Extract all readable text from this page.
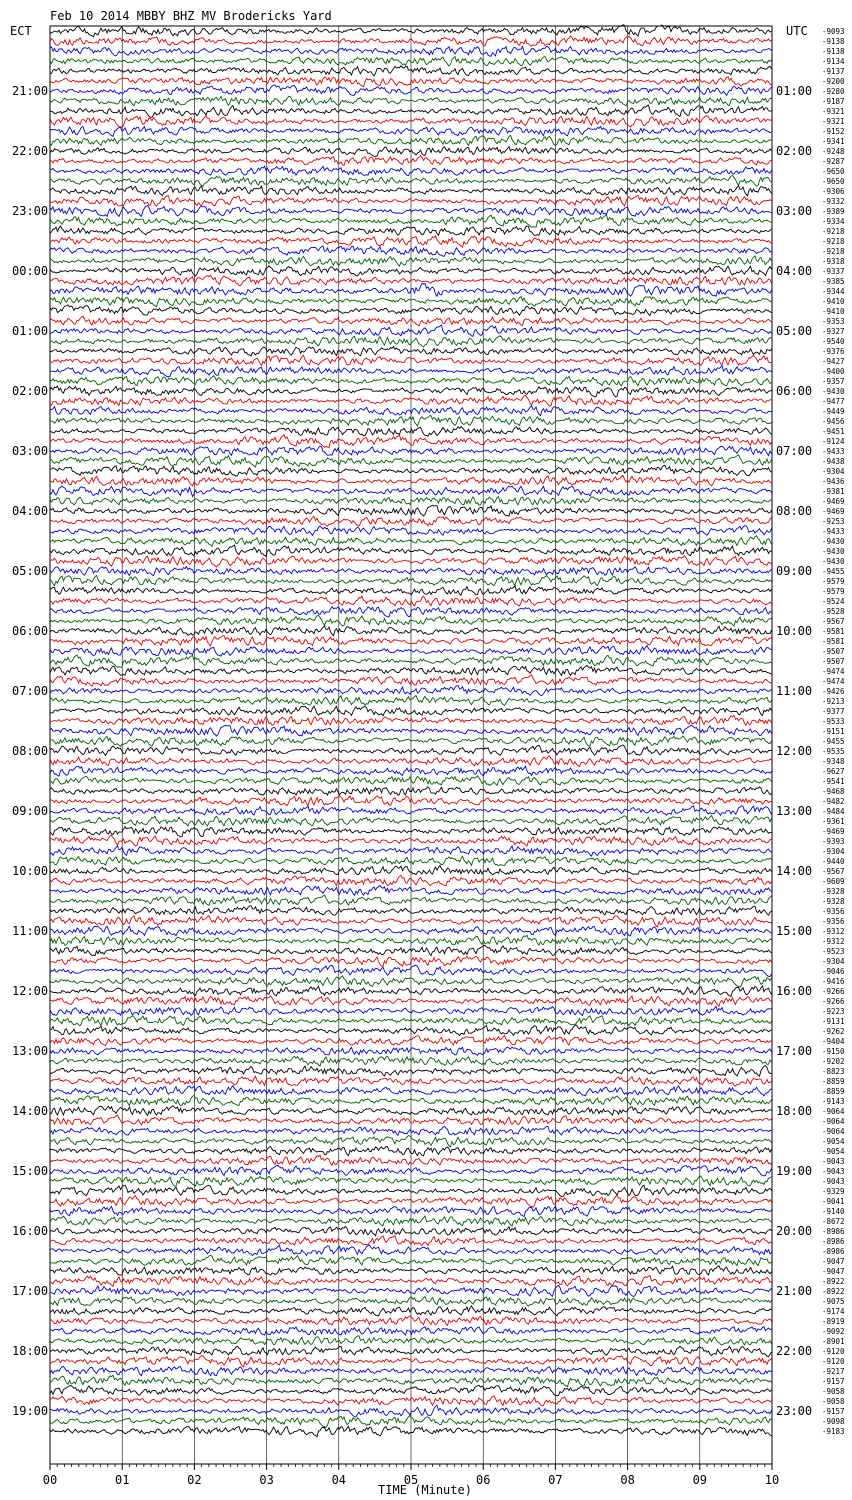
Feb 10 2014 MBBY BHZ MV Brodericks Yard
ECT	UTC
21:00
22:00
23:00
00:00
01:00
02:00
03:00
04:00
05:00
06:00
07:00
08:00
09:00
10:00
11:00
12:00
13:00
14:00
15:00
16:00
17:00
18:00
19:00
01:00
02:00
03:00
04:00
05:00
06:00
07:00
08:00
09:00
10:00
11:00
12:00
13:00
14:00
15:00
16:00
17:00
18:00
19:00
20:00
21:00
22:00
23:00
-9093
-9138
-9138
-9134
-9137
-9200
-9280
-9187
-9321
-9321
-9152
-9341
-9248
-9287
-9650
-9650
-9306
-9332
-9389
-9334
-9218
-9218
-9218
-9318
-9337
-9385
-9344
-9410
-9410
-9353
-9327
-9540
-9376
-9427
-9400
-9357
-9430
-9477
-9449
-9456
-9451
-9124
-9433
-9438
-9304
-9436
-9381
-9469
-9469
-9253
-9433
-9430
-9430
-9430
-9455
-9579
-9579
-9524
-9528
-9567
-9581
-9581
-9507
-9507
-9474
-9474
-9426
-9213
-9377
-9533
-9151
-9455
-9535
-9348
-9627
-9541
-9468
-9482
-9484
-9361
-9469
-9393
-9304
-9440
-9567
-9609
-9328
-9328
-9356
-9356
-9312
-9312
-9523
-9304
-9046
-9416
-9266
-9266
-9223
-9131
-9262
-9404
-9150
-9202
-8823
-8859
-8859
-9143
-9064
-9064
-9064
-9054
-9054
-9043
-9043
-9043
-9329
-9041
-9140
-8672
-8986
-8986
-8986
-9047
-9047
-8922
-8922
-9075
-9174
-8919
-9092
-8901
-9120
-9120
-9217
-9157
-9058
-9058
-9157
-9098
-9183
00	01	02	03	04	05	06	07	08	09	10
TIME (Minute)
